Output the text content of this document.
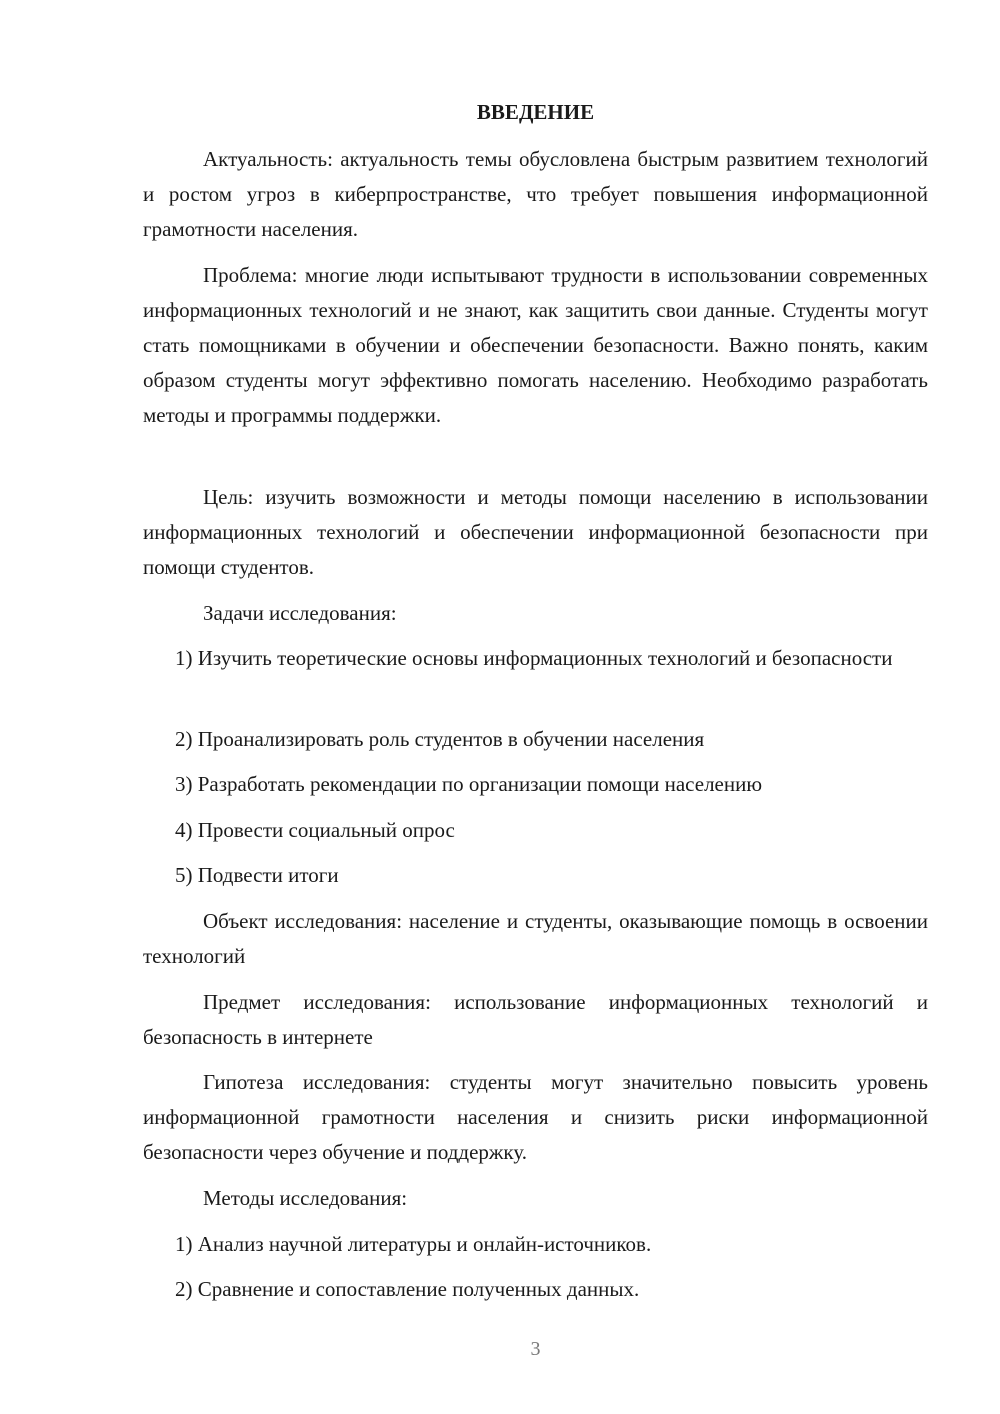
ВВЕДЕНИЕ

Актуальность: актуальность темы обусловлена быстрым развитием технологий и ростом угроз в киберпространстве, что требует повышения информационной грамотности населения.

Проблема: многие люди испытывают трудности в использовании современных информационных технологий и не знают, как защитить свои данные. Студенты могут стать помощниками в обучении и обеспечении безопасности. Важно понять, каким образом студенты могут эффективно помогать населению. Необходимо разработать методы и программы поддержки.

Цель: изучить возможности и методы помощи населению в использовании информационных технологий и обеспечении информационной безопасности при помощи студентов.

Задачи исследования:

1) Изучить теоретические основы информационных технологий и безопасности

2) Проанализировать роль студентов в обучении населения

3) Разработать рекомендации по организации помощи населению

4) Провести социальный опрос

5) Подвести итоги

Объект исследования: население и студенты, оказывающие помощь в освоении технологий

Предмет исследования: использование информационных технологий и безопасность в интернете

Гипотеза исследования: студенты могут значительно повысить уровень информационной грамотности населения и снизить риски информационной безопасности через обучение и поддержку.

Методы исследования:

1) Анализ научной литературы и онлайн-источников.

2) Сравнение и сопоставление полученных данных.

3
